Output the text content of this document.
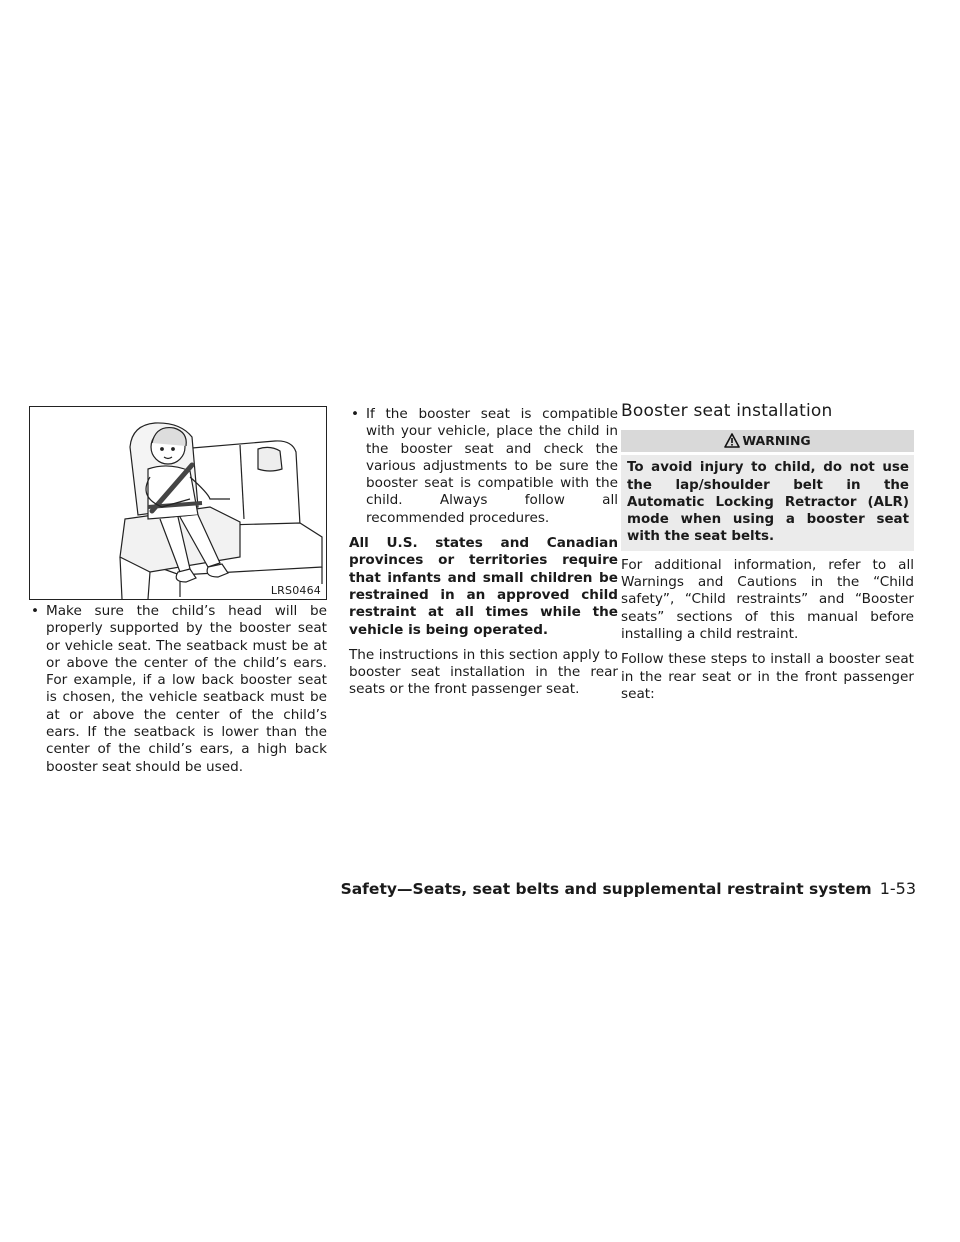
LRS0464
• Make sure the child’s head will be properly supported by the booster seat or vehicle seat. The seatback must be at or above the center of the child’s ears. For example, if a low back booster seat is chosen, the vehicle seatback must be at or above the center of the child’s ears. If the seatback is lower than the center of the child’s ears, a high back booster seat should be used.
• If the booster seat is compatible with your vehicle, place the child in the booster seat and check the various adjustments to be sure the booster seat is compatible with the child. Always follow all recommended procedures.

All U.S. states and Canadian provinces or territories require that infants and small children be restrained in an approved child restraint at all times while the vehicle is being operated.

The instructions in this section apply to booster seat installation in the rear seats or the front passenger seat.

Booster seat installation
WARNING
To avoid injury to child, do not use the lap/shoulder belt in the Automatic Locking Retractor (ALR) mode when using a booster seat with the seat belts.

For additional information, refer to all Warnings and Cautions in the “Child safety”, “Child restraints” and “Booster seats” sections of this manual before installing a child restraint.

Follow these steps to install a booster seat in the rear seat or in the front passenger seat:

Safety—Seats, seat belts and supplemental restraint system 1-53
